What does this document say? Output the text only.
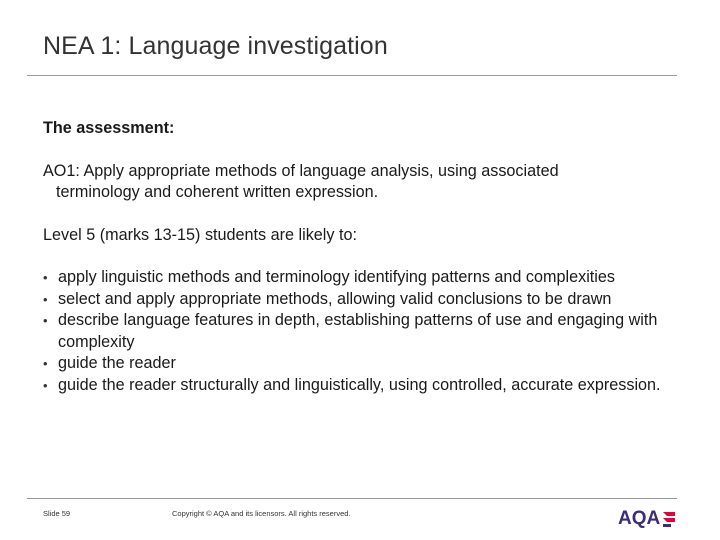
NEA 1: Language investigation

The assessment:

AO1: Apply appropriate methods of language analysis, using associated
terminology and coherent written expression.

Level 5 (marks 13-15) students are likely to:

• apply linguistic methods and terminology identifying patterns and complexities
• select and apply appropriate methods, allowing valid conclusions to be drawn
• describe language features in depth, establishing patterns of use and engaging with complexity
• guide the reader
• guide the reader structurally and linguistically, using controlled, accurate expression.
Slide 59	Copyright © AQA and its licensors. All rights reserved.	AQA
